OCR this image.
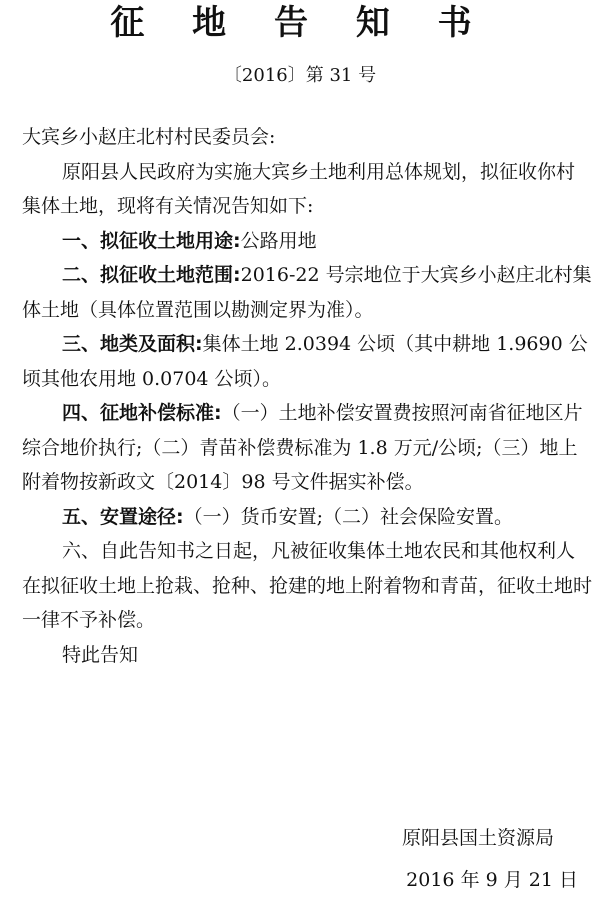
征 地 告 知 书
〔2016〕第 31 号

大宾乡小赵庄北村村民委员会:

原阳县人民政府为实施大宾乡土地利用总体规划，拟征收你村集体土地，现将有关情况告知如下:

一、拟征收土地用途:公路用地

二、拟征收土地范围:2016-22 号宗地位于大宾乡小赵庄北村集体土地（具体位置范围以勘测定界为准）。

三、地类及面积:集体土地 2.0394 公顷（其中耕地 1.9690 公顷其他农用地 0.0704 公顷）。

四、征地补偿标准:（一）土地补偿安置费按照河南省征地区片综合地价执行;（二）青苗补偿费标准为 1.8 万元/公顷;（三）地上附着物按新政文〔2014〕98 号文件据实补偿。

五、安置途径:（一）货币安置;（二）社会保险安置。

六、自此告知书之日起，凡被征收集体土地农民和其他权利人在拟征收土地上抢栽、抢种、抢建的地上附着物和青苗，征收土地时一律不予补偿。

特此告知

原阳县国土资源局
2016 年 9 月 21 日
